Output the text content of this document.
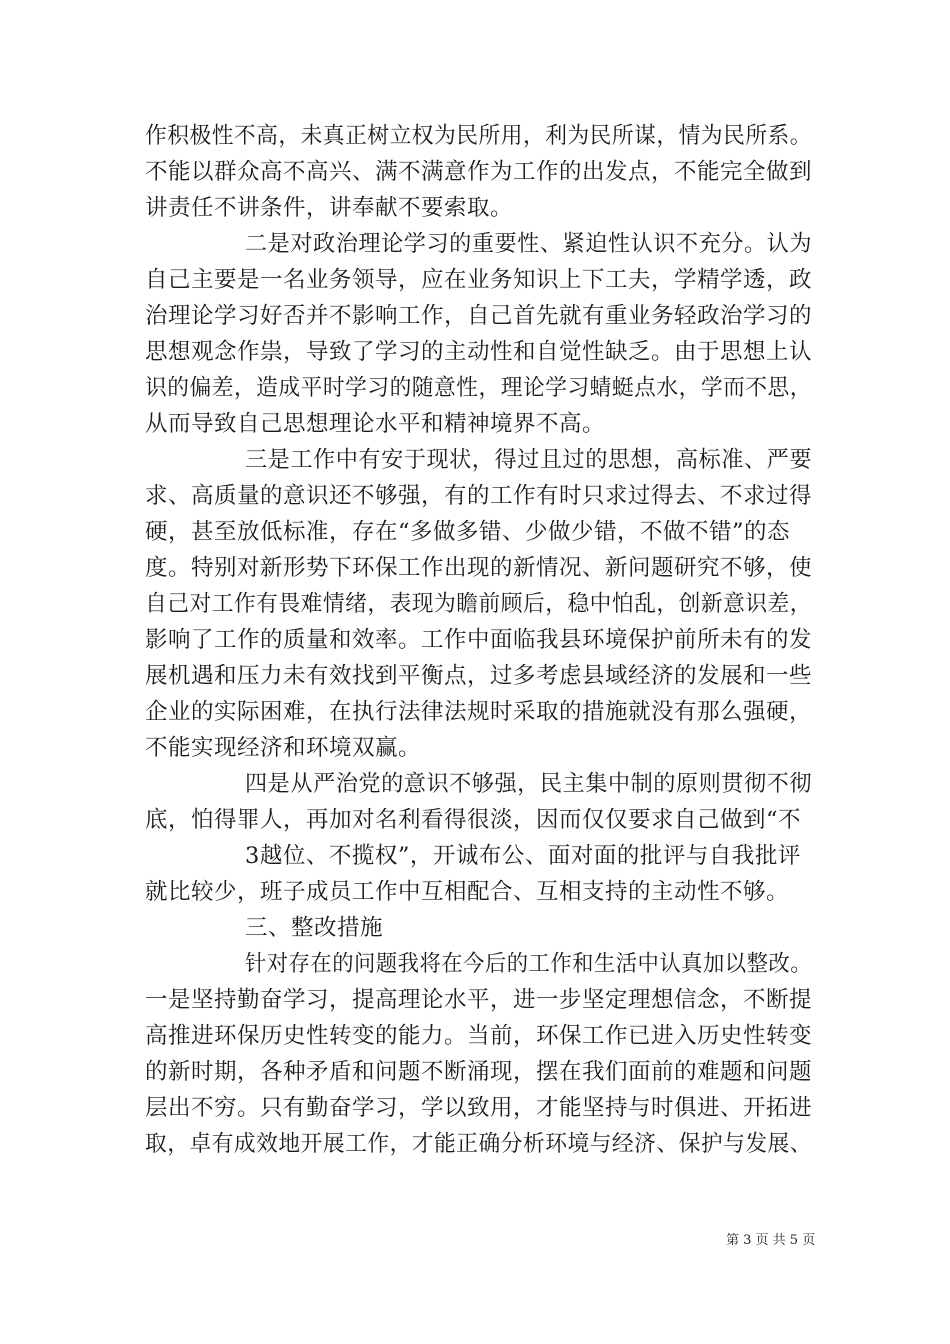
作积极性不高，未真正树立权为民所用，利为民所谋，情为民所系。
不能以群众高不高兴、满不满意作为工作的出发点，不能完全做到
讲责任不讲条件，讲奉献不要索取。
二是对政治理论学习的重要性、紧迫性认识不充分。认为
自己主要是一名业务领导，应在业务知识上下工夫，学精学透，政
治理论学习好否并不影响工作，自己首先就有重业务轻政治学习的
思想观念作祟，导致了学习的主动性和自觉性缺乏。由于思想上认
识的偏差，造成平时学习的随意性，理论学习蜻蜓点水，学而不思，
从而导致自己思想理论水平和精神境界不高。
三是工作中有安于现状，得过且过的思想，高标准、严要
求、高质量的意识还不够强，有的工作有时只求过得去、不求过得
硬，甚至放低标准，存在“多做多错、少做少错，不做不错”的态
度。特别对新形势下环保工作出现的新情况、新问题研究不够，使
自己对工作有畏难情绪，表现为瞻前顾后，稳中怕乱，创新意识差，
影响了工作的质量和效率。工作中面临我县环境保护前所未有的发
展机遇和压力未有效找到平衡点，过多考虑县域经济的发展和一些
企业的实际困难，在执行法律法规时采取的措施就没有那么强硬，
不能实现经济和环境双赢。
四是从严治党的意识不够强，民主集中制的原则贯彻不彻
底，怕得罪人，再加对名利看得很淡，因而仅仅要求自己做到“不
3越位、不揽权”，开诚布公、面对面的批评与自我批评
就比较少，班子成员工作中互相配合、互相支持的主动性不够。
三、整改措施
针对存在的问题我将在今后的工作和生活中认真加以整改。
一是坚持勤奋学习，提高理论水平，进一步坚定理想信念，不断提
高推进环保历史性转变的能力。当前，环保工作已进入历史性转变
的新时期，各种矛盾和问题不断涌现，摆在我们面前的难题和问题
层出不穷。只有勤奋学习，学以致用，才能坚持与时俱进、开拓进
取，卓有成效地开展工作，才能正确分析环境与经济、保护与发展、
第 3 页 共 5 页
